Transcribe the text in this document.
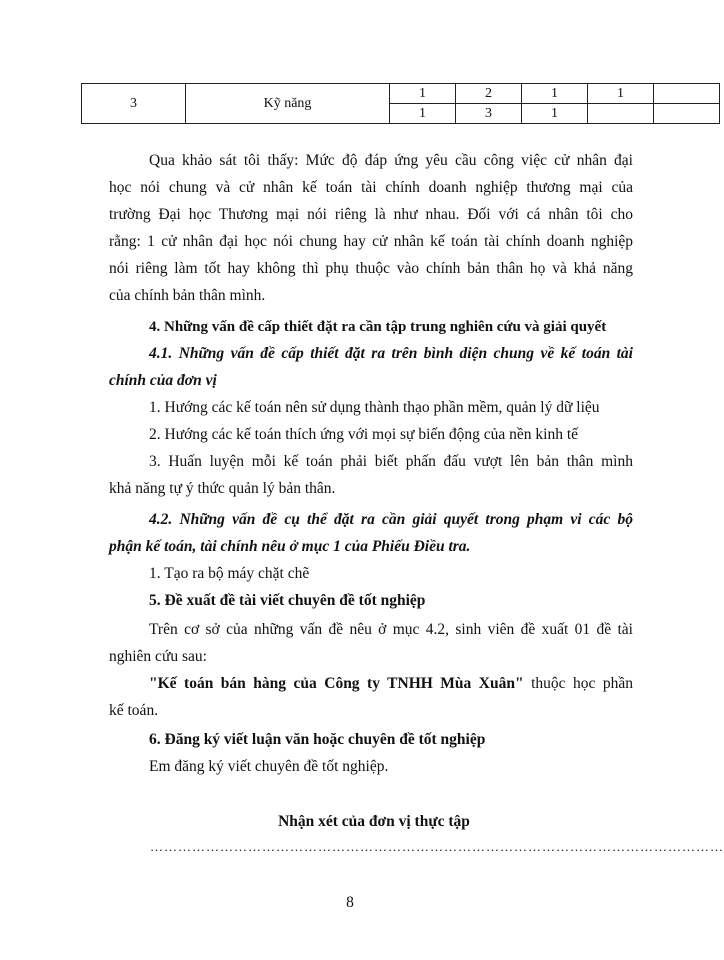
3	Kỹ năng	1	2	1	1	
		1	3	1		
Qua khảo sát tôi thấy: Mức độ đáp ứng yêu cầu công việc cử nhân đại
học nói chung và cử nhân kế toán tài chính doanh nghiệp thương mại của
trường Đại học Thương mại nói riêng là như nhau. Đối với cá nhân tôi cho
rằng: 1 cử nhân đại học nói chung hay cử nhân kế toán tài chính doanh nghiệp
nói riêng làm tốt hay không thì phụ thuộc vào chính bản thân họ và khả năng
của chính bản thân mình.
4. Những vấn đề cấp thiết đặt ra cần tập trung nghiên cứu và giải quyết
4.1. Những vấn đề cấp thiết đặt ra trên bình diện chung về kế toán tài
chính của đơn vị
1. Hướng các kế toán nên sử dụng thành thạo phần mềm, quản lý dữ liệu
2. Hướng các kế toán thích ứng với mọi sự biến động của nền kinh tế
3. Huấn luyện mỗi kế toán phải biết phấn đấu vượt lên bản thân mình
khả năng tự ý thức quản lý bản thân.
4.2. Những vấn đề cụ thể đặt ra cần giải quyết trong phạm vi các bộ
phận kế toán, tài chính nêu ở mục 1 của Phiếu Điều tra.
1. Tạo ra bộ máy chặt chẽ
5. Đề xuất đề tài viết chuyên đề tốt nghiệp
Trên cơ sở của những vấn đề nêu ở mục 4.2, sinh viên đề xuất 01 đề tài
nghiên cứu sau:
"Kế toán bán hàng của Công ty TNHH Mùa Xuân" thuộc học phần
kế toán.
6. Đăng ký viết luận văn hoặc chuyên đề tốt nghiệp
Em đăng ký viết chuyên đề tốt nghiệp.
Nhận xét của đơn vị thực tập
……………………………………………………………………………………………………………
8
